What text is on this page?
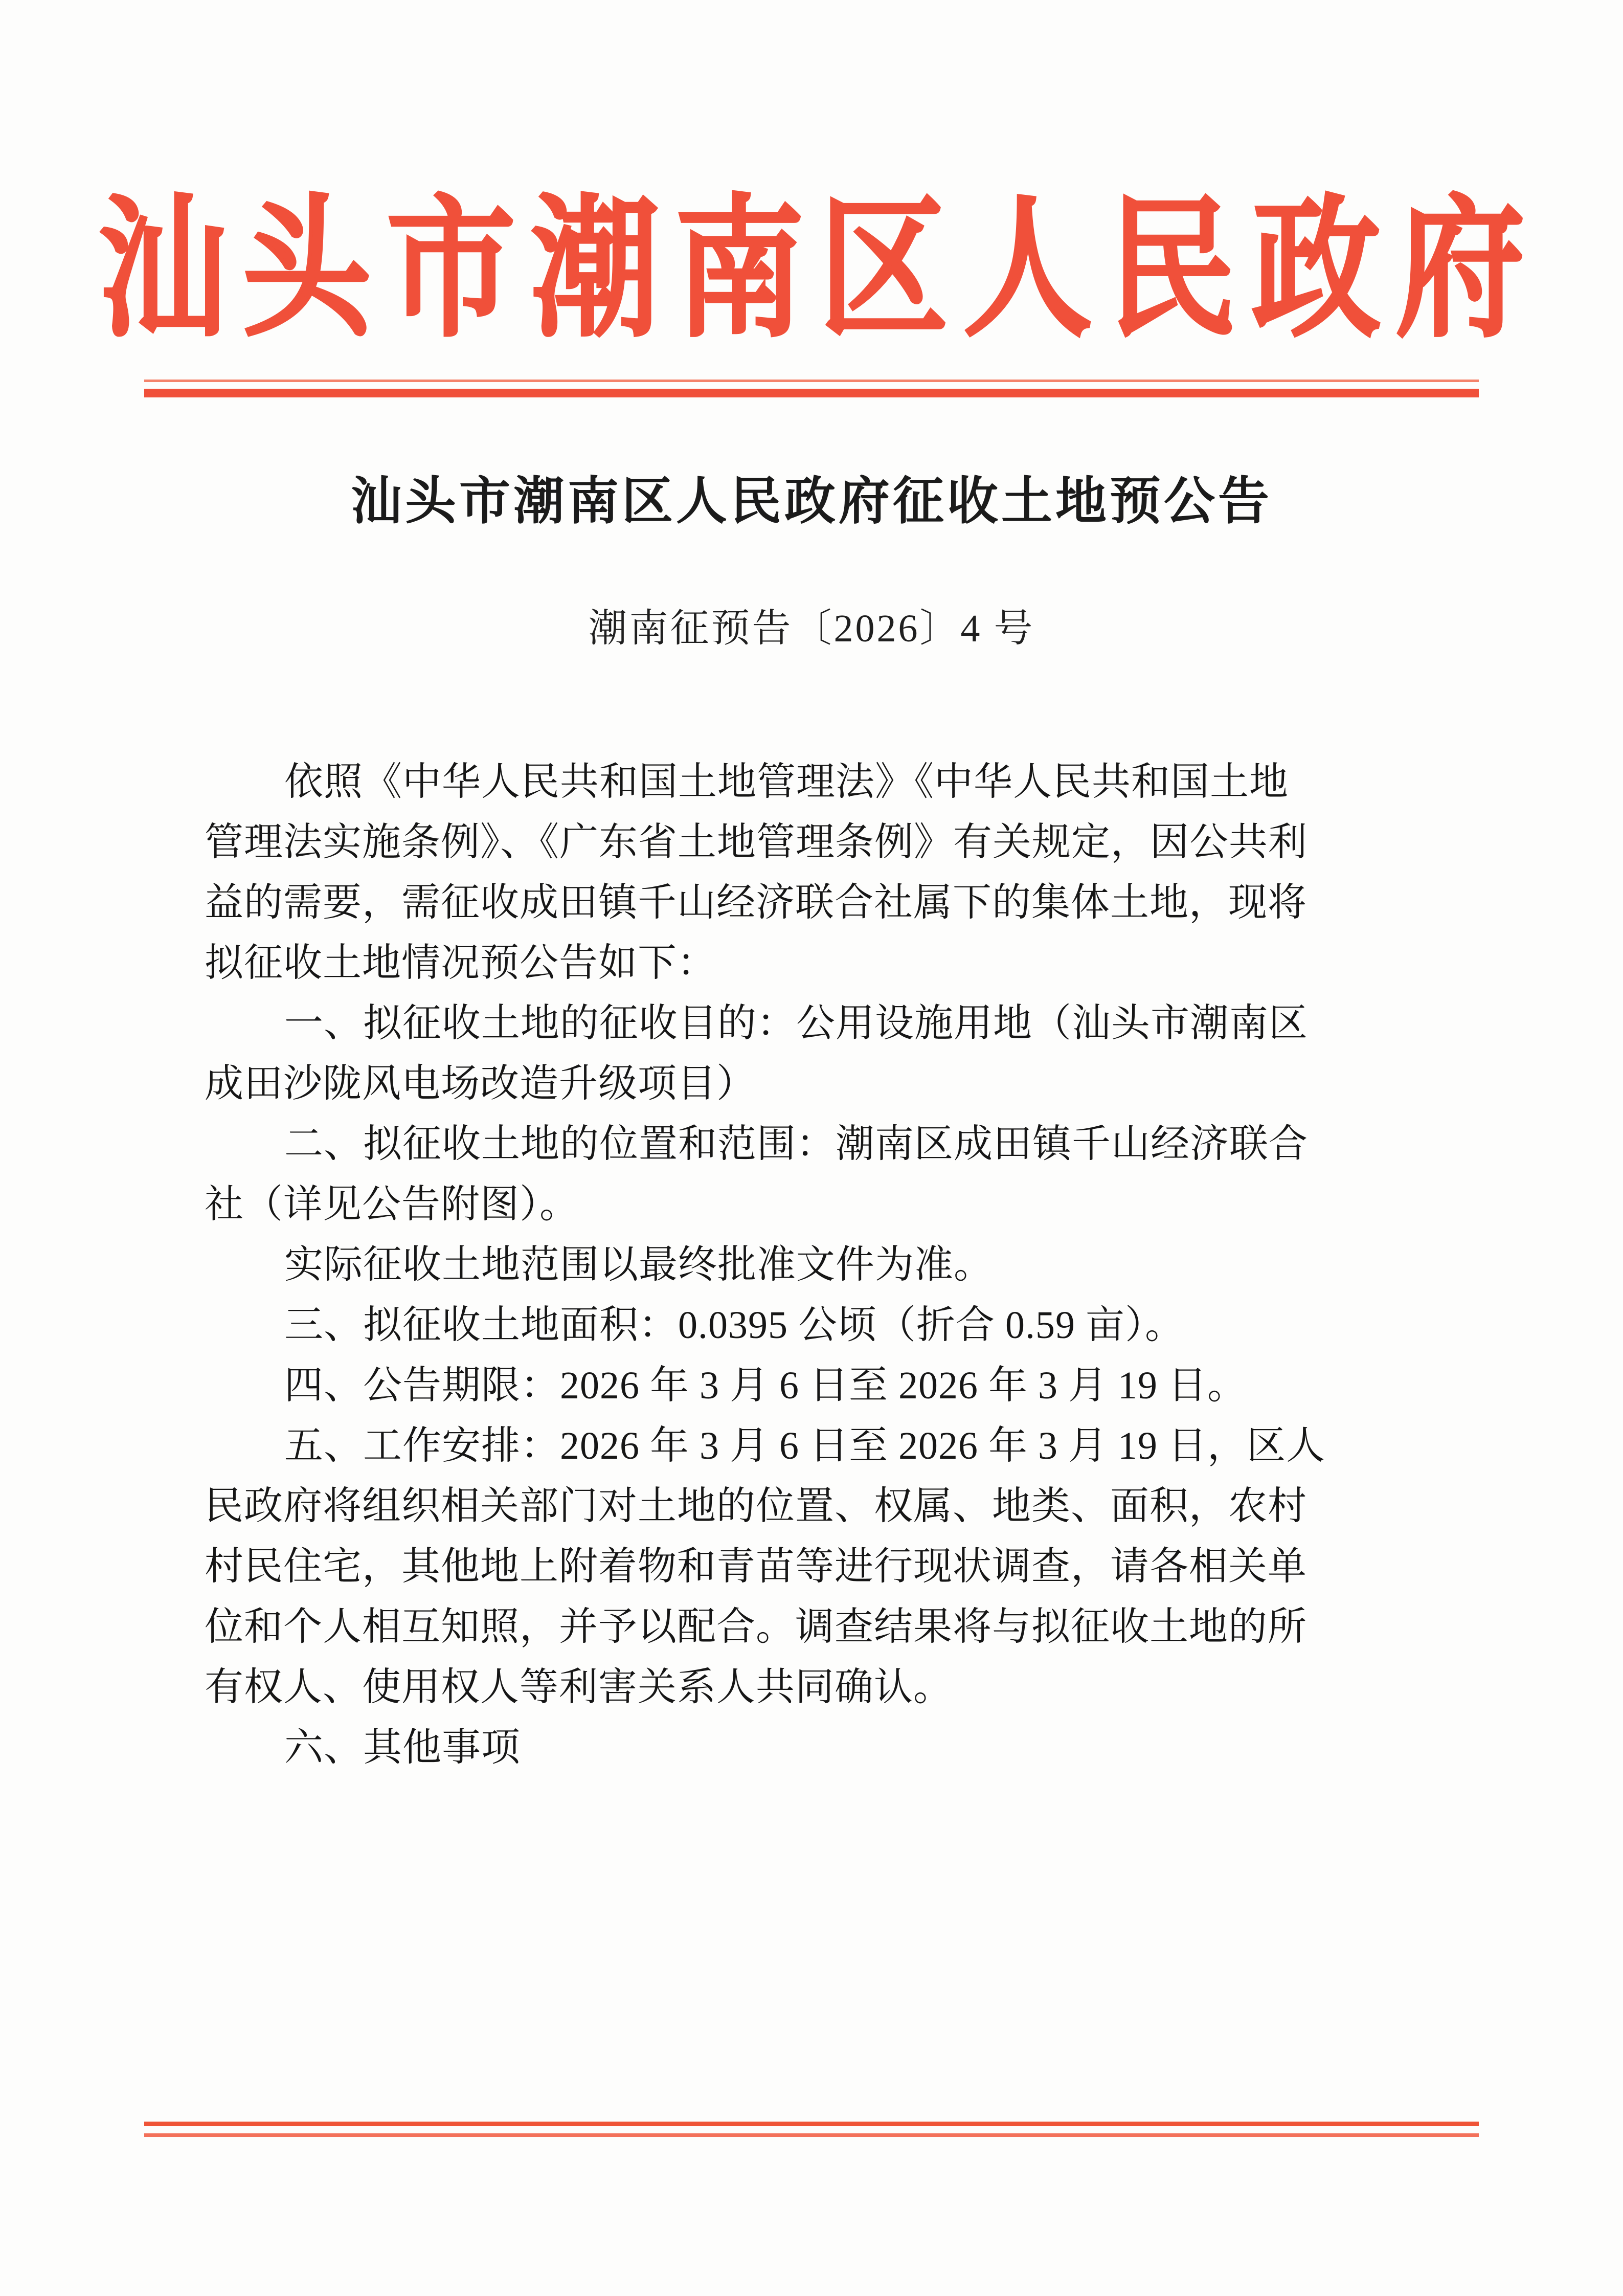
汕头市潮南区人民政府
汕头市潮南区人民政府征收土地预公告
潮南征预告〔2026〕4 号
依照《中华人民共和国土地管理法》《中华人民共和国土地
管理法实施条例》、《广东省土地管理条例》有关规定，因公共利
益的需要，需征收成田镇千山经济联合社属下的集体土地，现将
拟征收土地情况预公告如下：
一、拟征收土地的征收目的：公用设施用地（汕头市潮南区
成田沙陇风电场改造升级项目）
二、拟征收土地的位置和范围：潮南区成田镇千山经济联合
社（详见公告附图）。
实际征收土地范围以最终批准文件为准。
三、拟征收土地面积：0.0395 公顷（折合 0.59 亩）。
四、公告期限：2026 年 3 月 6 日至 2026 年 3 月 19 日。
五、工作安排：2026 年 3 月 6 日至 2026 年 3 月 19 日，区人
民政府将组织相关部门对土地的位置、权属、地类、面积，农村
村民住宅，其他地上附着物和青苗等进行现状调查，请各相关单
位和个人相互知照，并予以配合。调查结果将与拟征收土地的所
有权人、使用权人等利害关系人共同确认。
六、其他事项
